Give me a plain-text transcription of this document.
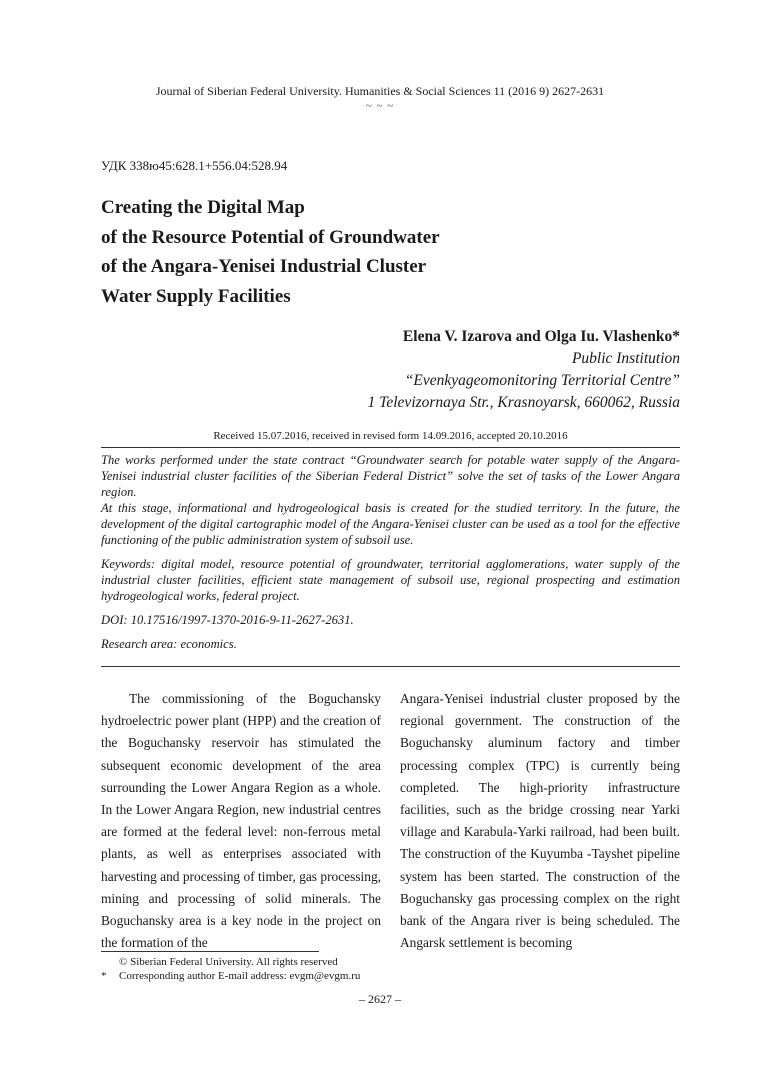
Journal of Siberian Federal University. Humanities & Social Sciences 11 (2016 9) 2627-2631
~ ~ ~
УДК 338ю45:628.1+556.04:528.94
Creating the Digital Map
of the Resource Potential of Groundwater
of the Angara-Yenisei Industrial Cluster
Water Supply Facilities
Elena V. Izarova and Olga Iu. Vlashenko*
Public Institution
“Evenkyageomonitoring Territorial Centre”
1 Televizornaya Str., Krasnoyarsk, 660062, Russia
Received 15.07.2016, received in revised form 14.09.2016, accepted 20.10.2016

The works performed under the state contract “Groundwater search for potable water supply of the Angara-Yenisei industrial cluster facilities of the Siberian Federal District” solve the set of tasks of the Lower Angara region.

At this stage, informational and hydrogeological basis is created for the studied territory. In the future, the development of the digital cartographic model of the Angara-Yenisei cluster can be used as a tool for the effective functioning of the public administration system of subsoil use.

Keywords: digital model, resource potential of groundwater, territorial agglomerations, water supply of the industrial cluster facilities, efficient state management of subsoil use, regional prospecting and estimation hydrogeological works, federal project.

DOI: 10.17516/1997-1370-2016-9-11-2627-2631.

Research area: economics.

The commissioning of the Boguchansky hydroelectric power plant (HPP) and the creation of the Boguchansky reservoir has stimulated the subsequent economic development of the area surrounding the Lower Angara Region as a whole. In the Lower Angara Region, new industrial centres are formed at the federal level: non-ferrous metal plants, as well as enterprises associated with harvesting and processing of timber, gas processing, mining and processing of solid minerals. The Boguchansky area is a key node in the project on the formation of the

Angara-Yenisei industrial cluster proposed by the regional government. The construction of the Boguchansky aluminum factory and timber processing complex (TPC) is currently being completed. The high-priority infrastructure facilities, such as the bridge crossing near Yarki village and Karabula-Yarki railroad, had been built. The construction of the Kuyumba -Tayshet pipeline system has been started. The construction of the Boguchansky gas processing complex on the right bank of the Angara river is being scheduled. The Angarsk settlement is becoming

© Siberian Federal University. All rights reserved
* Corresponding author E-mail address: evgm@evgm.ru
– 2627 –
